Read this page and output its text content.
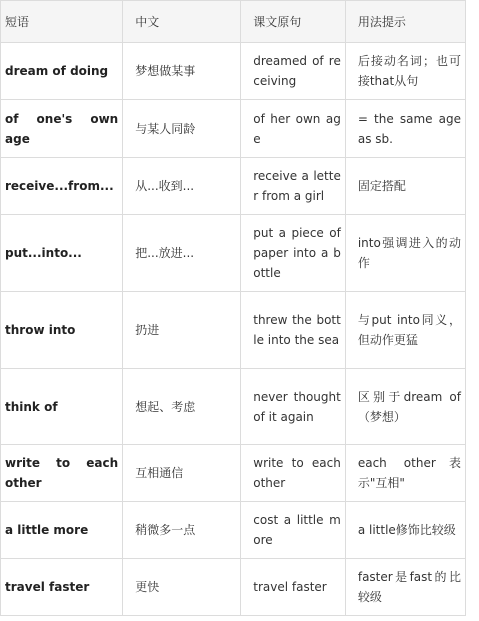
短语	中文	课文原句	用法提示
dream of doing	梦想做某事	dreamed of receiving	后接动名词；也可接that从句
of one's own age	与某人同龄	of her own age	= the same age as sb.
receive...from...	从...收到...	receive a letter from a girl	固定搭配
put...into...	把...放进...	put a piece of paper into a bottle	into强调进入的动作
throw into	扔进	threw the bottle into the sea	与put into同义，但动作更猛
think of	想起、考虑	never thought of it again	区别于dream of（梦想）
write to each other	互相通信	write to each other	each other表示"互相"
a little more	稍微多一点	cost a little more	a little修饰比较级
travel faster	更快	travel faster	faster是fast的比较级
